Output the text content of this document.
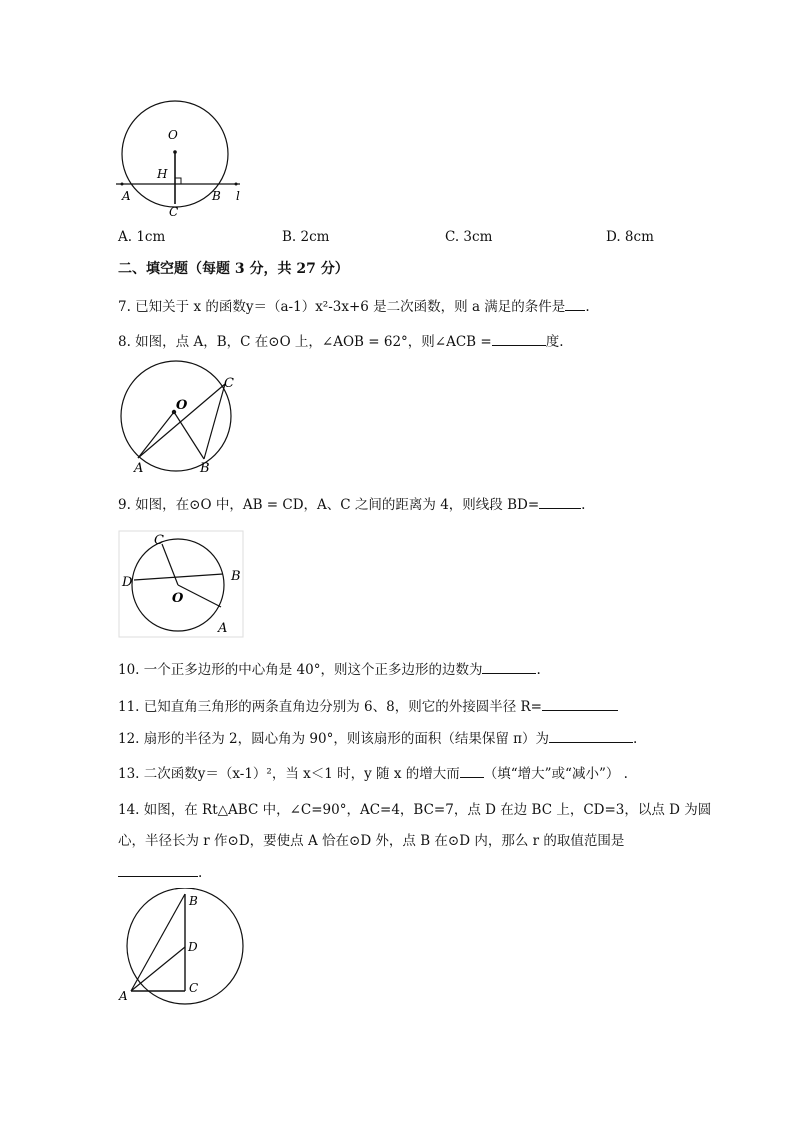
O
H
A	B
C
l
A. 1cm	B. 2cm	C. 3cm	D. 8cm
二、填空题（每题 3 分，共 27 分）
7. 已知关于 x 的函数y＝（a-1）x²-3x+6 是二次函数，则 a 满足的条件是 .
8. 如图，点 A，B，C 在⊙O 上，∠AOB = 62°，则∠ACB =	度.
O
A	B
C
9. 如图，在⊙O 中，AB = CD，A、C 之间的距离为 4，则线段 BD=	.
C
D
O
B
A
10. 一个正多边形的中心角是 40°，则这个正多边形的边数为	.
11. 已知直角三角形的两条直角边分别为 6、8，则它的外接圆半径 R=
12. 扇形的半径为 2，圆心角为 90°，则该扇形的面积（结果保留 π）为	.
13. 二次函数y＝（x-1）²，当 x＜1 时，y 随 x 的增大而 （填“增大”或“减小”） .
14. 如图，在 Rt△ABC 中，∠C=90°，AC=4，BC=7，点 D 在边 BC 上，CD=3，以点 D 为圆
心，半径长为 r 作⊙D，要使点 A 恰在⊙D 外，点 B 在⊙D 内，那么 r 的取值范围是
.
B
D
C
A
